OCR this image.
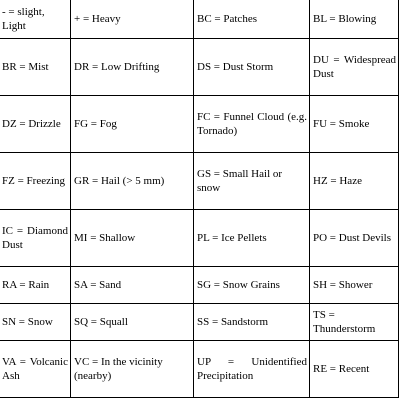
- = slight, Light	+ = Heavy	BC = Patches	BL = Blowing
BR = Mist	DR = Low Drifting	DS = Dust Storm	DU = Widespread Dust
DZ = Drizzle	FG = Fog	FC = Funnel Cloud (e.g. Tornado)	FU = Smoke
FZ = Freezing	GR = Hail (> 5 mm)	GS = Small Hail or snow	HZ = Haze
IC = Diamond Dust	MI = Shallow	PL = Ice Pellets	PO = Dust Devils
RA = Rain	SA = Sand	SG = Snow Grains	SH = Shower
SN = Snow	SQ = Squall	SS = Sandstorm	TS = Thunderstorm
VA = Volcanic Ash	VC = In the vicinity (nearby)	UP = Unidentified Precipitation	RE = Recent
